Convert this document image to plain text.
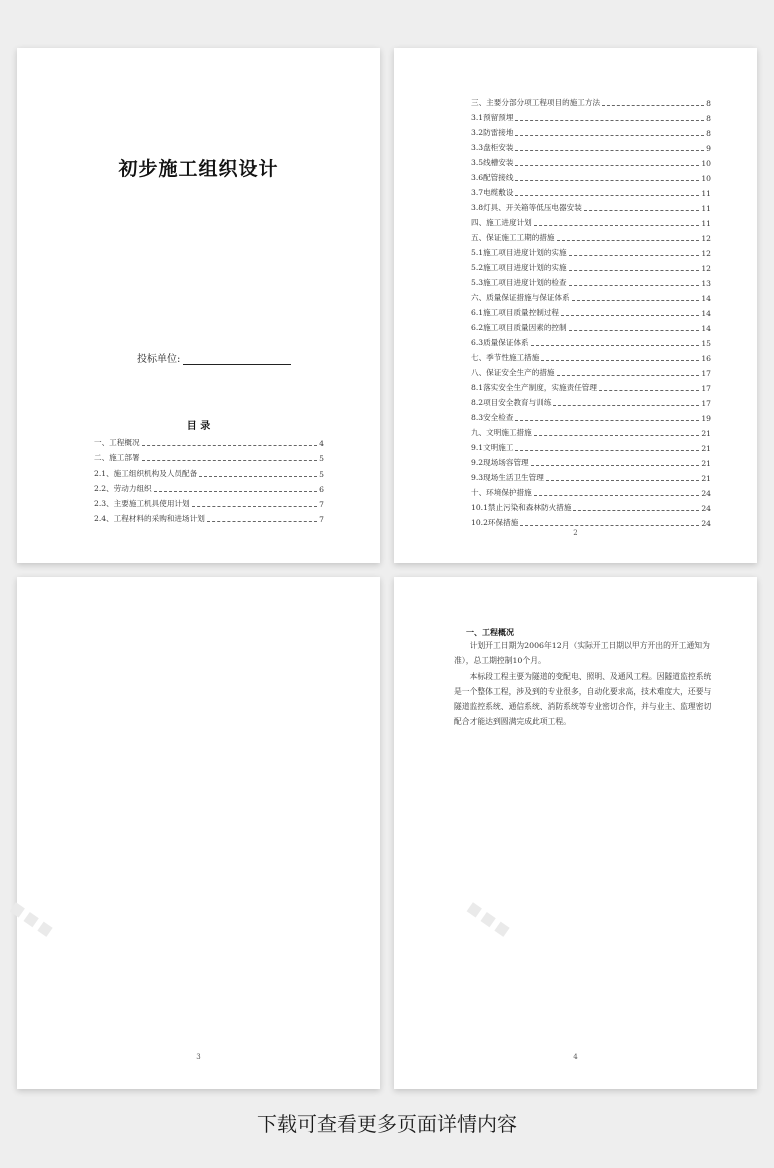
初步施工组织设计
投标单位:
目 录
一、工程概况	4
二、施工部署	5
2.1、施工组织机构及人员配备	5
2.2、劳动力组织	6
2.3、主要施工机具使用计划	7
2.4、工程材料的采购和进场计划	7
三、主要分部分项工程项目的施工方法	8
3.1预留预埋	8
3.2防雷接地	8
3.3盘柜安装	9
3.5线槽安装	10
3.6配管接线	10
3.7电缆敷设	11
3.8灯具、开关箱等低压电器安装	11
四、施工进度计划	11
五、保证施工工期的措施	12
5.1施工项目进度计划的实施	12
5.2施工项目进度计划的实施	12
5.3施工项目进度计划的检查	13
六、质量保证措施与保证体系	14
6.1施工项目质量控制过程	14
6.2施工项目质量因素的控制	14
6.3质量保证体系	15
七、季节性施工措施	16
八、保证安全生产的措施	17
8.1落实安全生产制度，实施责任管理	17
8.2项目安全教育与训练	17
8.3安全检查	19
九、文明施工措施	21
9.1文明施工	21
9.2现场场容管理	21
9.3现场生活卫生管理	21
十、环境保护措施	24
10.1禁止污染和森林防火措施	24
10.2环保措施	24
2
▪▪▪
3
一、工程概况

计划开工日期为2006年12月（实际开工日期以甲方开出的开工通知为准），总工期控制10个月。

本标段工程主要为隧道的变配电、照明、及通风工程。因隧道监控系统是一个整体工程，涉及到的专业很多，自动化要求高，技术难度大，还要与隧道监控系统、通信系统、消防系统等专业密切合作，并与业主、监理密切配合才能达到圆满完成此项工程。

▪▪▪
4
下载可查看更多页面详情内容
